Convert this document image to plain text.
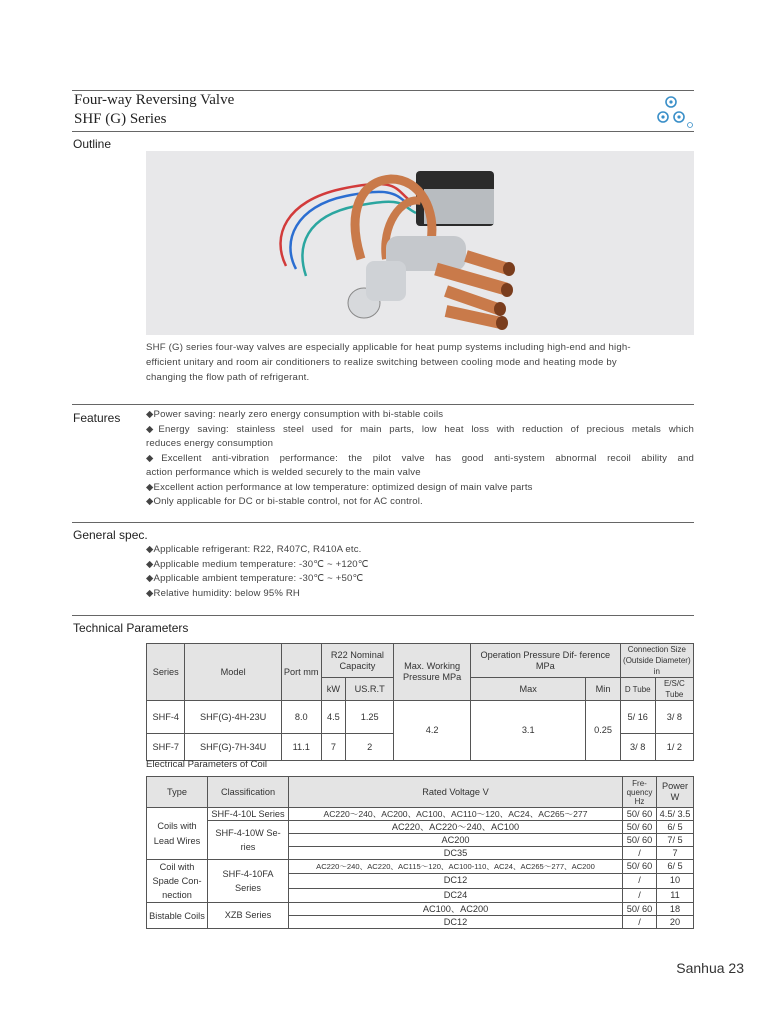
Four-way Reversing Valve
SHF (G) Series
Outline
SHF (G) series four-way valves are especially applicable for heat pump systems including high-end and high-
efficient unitary and room air conditioners to realize switching between cooling mode and heating mode by
changing the flow path of refrigerant.
Features	◆Power saving: nearly zero energy consumption with bi-stable coils
◆Energy saving: stainless steel used for main parts, low heat loss with reduction of precious metals which
reduces energy consumption
◆Excellent anti-vibration performance: the pilot valve has good anti-system abnormal recoil ability and
action performance which is welded securely to the main valve
◆Excellent action performance at low temperature: optimized design of main valve parts
◆Only applicable for DC or bi-stable control, not for AC control.
General spec.
◆Applicable refrigerant: R22, R407C, R410A etc.
◆Applicable medium temperature: -30℃ ~ +120℃
◆Applicable ambient temperature: -30℃ ~ +50℃
◆Relative humidity: below 95% RH
Technical Parameters
Series	Model	Port mm	R22 Nominal Capacity		Max. Working Pressure MPa	Operation Pressure Dif- ference MPa		Connection Size (Outside Diameter) in	
			kW	US.R.T		Max	Min	D Tube	E/S/C Tube

SHF-4	SHF(G)-4H-23U	8.0	4.5	1.25	4.2	3.1	0.25	5/ 16	3/ 8
SHF-7	SHF(G)-7H-34U	11.1	7	2				3/ 8	1/ 2
Electrical Parameters of Coil
Type	Classification	Rated Voltage V	Fre- quency Hz	Power W
Coils with Lead Wires	SHF-4-10L Series	AC220～240、AC200、AC100、AC110～120、AC24、AC265～277	50/ 60	4.5/ 3.5
	SHF-4-10W Se- ries	AC220、AC220～240、AC100	50/ 60	6/ 5
		AC200	50/ 60	7/ 5
		DC35	/	7
Coil with Spade Con- nection	SHF-4-10FA Series	AC220～240、AC220、AC115～120、AC100-110、AC24、AC265～277、AC200	50/ 60	6/ 5
		DC12	/	10
		DC24	/	11
Bistable Coils	XZB Series	AC100、AC200	50/ 60	18
		DC12	/	20
Sanhua 23
